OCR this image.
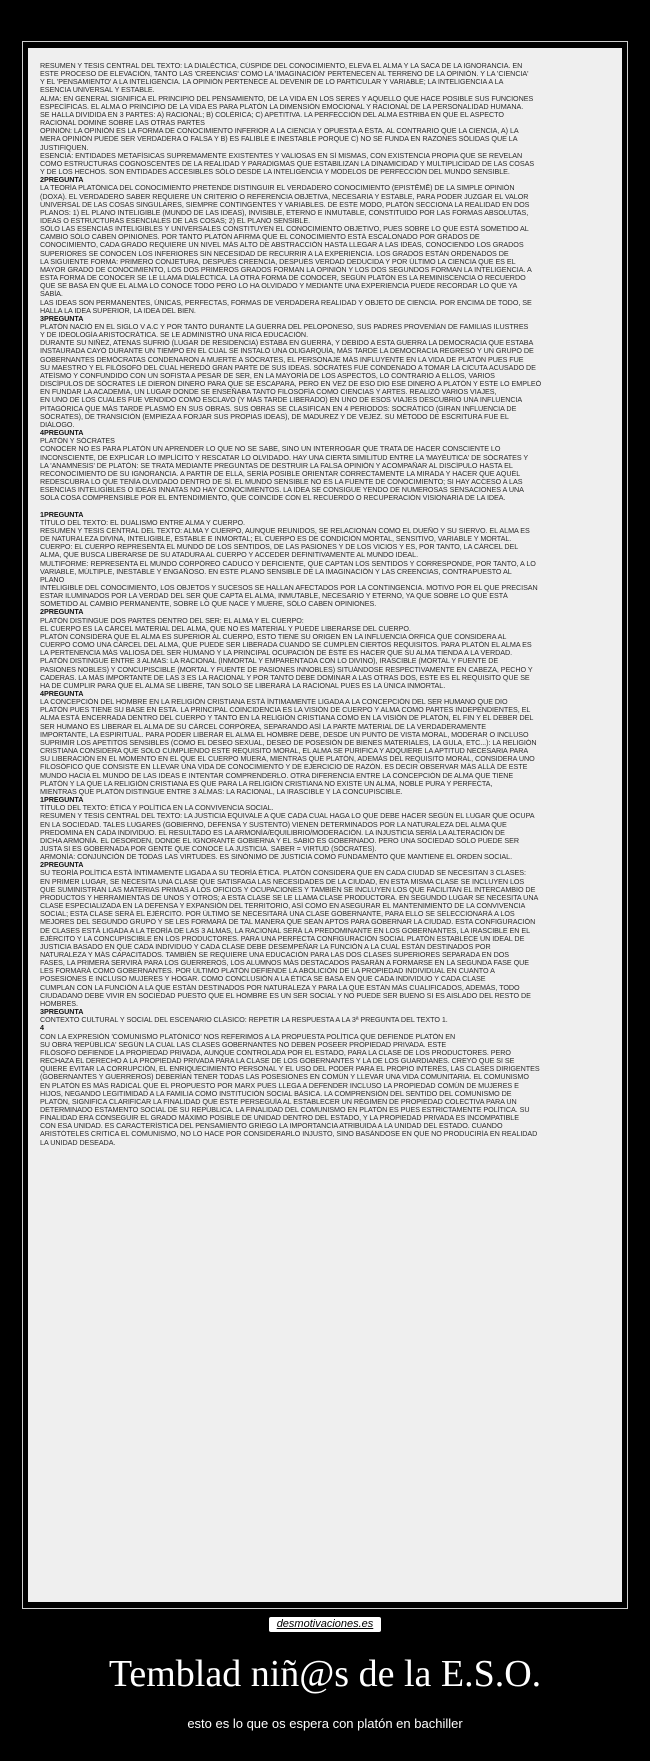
RESUMEN Y TESIS CENTRAL DEL TEXTO: LA DIALÉCTICA, CÚSPIDE DEL CONOCIMIENTO, ELEVA EL ALMA Y LA SACA DE LA IGNORANCIA. EN
ESTE PROCESO DE ELEVACIÓN, TANTO LAS 'CREENCIAS' COMO LA 'IMAGINACIÓN' PERTENECEN AL TERRENO DE LA OPINIÓN. Y LA 'CIENCIA'
Y EL 'PENSAMIENTO' A LA INTELIGENCIA. LA OPINIÓN PERTENECE AL DEVENIR DE LO PARTICULAR Y VARIABLE; LA INTELIGENCIA A LA
ESENCIA UNIVERSAL Y ESTABLE.
ALMA: EN GENERAL SIGNIFICA EL PRINCIPIO DEL PENSAMIENTO, DE LA VIDA EN LOS SERES Y AQUELLO QUE HACE POSIBLE SUS FUNCIONES
ESPECÍFICAS. EL ALMA O PRINCIPIO DE LA VIDA ES PARA PLATÓN LA DIMENSIÓN EMOCIONAL Y RACIONAL DE LA PERSONALIDAD HUMANA.
SE HALLA DIVIDIDA EN 3 PARTES: A) RACIONAL; B) COLÉRICA; C) APETITIVA. LA PERFECCIÓN DEL ALMA ESTRIBA EN QUE EL ASPECTO
RACIONAL DOMINE SOBRE LAS OTRAS PARTES
OPINIÓN: LA OPINIÓN ES LA FORMA DE CONOCIMIENTO INFERIOR A LA CIENCIA Y OPUESTA A ÉSTA. AL CONTRARIO QUE LA CIENCIA, A) LA
MERA OPINIÓN PUEDE SER VERDADERA O FALSA Y B) ES FALIBLE E INESTABLE PORQUE C) NO SE FUNDA EN RAZONES SÓLIDAS QUE LA
JUSTIFIQUEN.
ESENCIA: ENTIDADES METAFÍSICAS SUPREMAMENTE EXISTENTES Y VALIOSAS EN SÍ MISMAS, CON EXISTENCIA PROPIA QUE SE REVELAN
COMO ESTRUCTURAS COGNOSCENTES DE LA REALIDAD Y PARADIGMAS QUE ESTABILIZAN LA DINAMICIDAD Y MULTIPLICIDAD DE LAS COSAS
Y DE LOS HECHOS. SON ENTIDADES ACCESIBLES SÓLO DESDE LA INTELIGENCIA Y MODELOS DE PERFECCIÓN DEL MUNDO SENSIBLE.
2PREGUNTA
LA TEORÍA PLATÓNICA DEL CONOCIMIENTO PRETENDE DISTINGUIR EL VERDADERO CONOCIMIENTO (EPISTĒMĒ) DE LA SIMPLE OPINIÓN
(DOXA). EL VERDADERO SABER REQUIERE UN CRITERIO O REFERENCIA OBJETIVA, NECESARIA Y ESTABLE, PARA PODER JUZGAR EL VALOR
UNIVERSAL DE LAS COSAS SINGULARES, SIEMPRE CONTINGENTES Y VARIABLES. DE ESTE MODO, PLATÓN SECCIONA LA REALIDAD EN DOS
PLANOS: 1) EL PLANO INTELIGIBLE (MUNDO DE LAS IDEAS), INVISIBLE, ETERNO E INMUTABLE, CONSTITUIDO POR LAS FORMAS ABSOLUTAS,
IDEAS O ESTRUCTURAS ESENCIALES DE LAS COSAS; 2) EL PLANO SENSIBLE.
SÓLO LAS ESENCIAS INTELIGIBLES Y UNIVERSALES CONSTITUYEN EL CONOCIMIENTO OBJETIVO, PUES SOBRE LO QUE ESTÁ SOMETIDO AL
CAMBIO SÓLO CABEN OPINIONES. POR TANTO PLATÓN AFIRMA QUE EL CONOCIMIENTO ESTÁ ESCALONADO POR GRADOS DE
CONOCIMIENTO, CADA GRADO REQUIERE UN NIVEL MÁS ALTO DE ABSTRACCIÓN HASTA LLEGAR A LAS IDEAS, CONOCIENDO LOS GRADOS
SUPERIORES SE CONOCEN LOS INFERIORES SIN NECESIDAD DE RECURRIR A LA EXPERIENCIA. LOS GRADOS ESTÁN ORDENADOS DE
LA SIGUIENTE FORMA: PRIMERO CONJETURA, DESPUÉS CREENCIA, DESPUÉS VERDAD DEDUCIDA Y POR ÚLTIMO LA CIENCIA QUE ES EL
MAYOR GRADO DE CONOCIMIENTO, LOS DOS PRIMEROS GRADOS FORMAN LA OPINIÓN Y LOS DOS SEGUNDOS FORMAN LA INTELIGENCIA. A
ESTA FORMA DE CONOCER SE LE LLAMA DIALÉCTICA. LA OTRA FORMA DE CONOCER, SEGÚN PLATÓN ES LA REMINISCENCIA O RECUERDO
QUE SE BASA EN QUE EL ALMA LO CONOCE TODO PERO LO HA OLVIDADO Y MEDIANTE UNA EXPERIENCIA PUEDE RECORDAR LO QUE YA
SABÍA.
LAS IDEAS SON PERMANENTES, ÚNICAS, PERFECTAS, FORMAS DE VERDADERA REALIDAD Y OBJETO DE CIENCIA. POR ENCIMA DE TODO, SE
HALLA LA IDEA SUPERIOR, LA IDEA DEL BIEN.
3PREGUNTA
PLATÓN NACIÓ EN EL SIGLO V A.C Y POR TANTO DURANTE LA GUERRA DEL PELOPONESO, SUS PADRES PROVENÍAN DE FAMILIAS ILUSTRES
Y DE IDEOLOGÍA ARISTOCRÁTICA. SE LE ADMINISTRÓ UNA RICA EDUCACIÓN.
DURANTE SU NIÑEZ, ATENAS SUFRIÓ (LUGAR DE RESIDENCIA) ESTABA EN GUERRA, Y DEBIDO A ESTA GUERRA LA DEMOCRACIA QUE ESTABA
INSTAURADA CAYÓ DURANTE UN TIEMPO EN EL CUAL SE INSTALÓ UNA OLIGARQUÍA, MÁS TARDE LA DEMOCRACIA REGRESÓ Y UN GRUPO DE
GOBERNANTES DEMÓCRATAS CONDENARON A MUERTE A SÓCRATES, EL PERSONAJE MÁS INFLUYENTE EN LA VIDA DE PLATÓN PUES FUE
SU MAESTRO Y EL FILÓSOFO DEL CUAL HEREDÓ GRAN PARTE DE SUS IDEAS. SÓCRATES FUE CONDENADO A TOMAR LA CICUTA ACUSADO DE
ATEÍSMO Y CONFUNDIDO CON UN SOFISTA A PESAR DE SER, EN LA MAYORÍA DE LOS ASPECTOS, LO CONTRARIO A ELLOS, VARIOS
DISCÍPULOS DE SÓCRATES LE DIERON DINERO PARA QUE SE ESCAPARA, PERO EN VEZ DE ESO DIO ESE DINERO A PLATÓN Y ESTE LO EMPLEÓ
EN FUNDAR LA ACADEMIA, UN LUGAR DONDE SE ENSEÑABA TANTO FILOSOFÍA COMO CIENCIAS Y ARTES. REALIZÓ VARIOS VIAJES,
EN UNO DE LOS CUALES FUE VENDIDO COMO ESCLAVO (Y MÁS TARDE LIBERADO) EN UNO DE ESOS VIAJES DESCUBRIÓ UNA INFLUENCIA
PITAGÓRICA QUE MÁS TARDE PLASMÓ EN SUS OBRAS. SUS OBRAS SE CLASIFICAN EN 4 PERIODOS: SOCRÁTICO (GIRAN INFLUENCIA DE
SÓCRATES), DE TRANSICIÓN (EMPIEZA A FORJAR SUS PROPIAS IDEAS), DE MADUREZ Y DE VEJEZ. SU MÉTODO DE ESCRITURA FUE EL
DIÁLOGO.
4PREGUNTA
PLATÓN Y SÓCRATES
CONOCER NO ES PARA PLATÓN UN APRENDER LO QUE NO SE SABE, SINO UN INTERROGAR QUE TRATA DE HACER CONSCIENTE LO
INCONSCIENTE, DE EXPLICAR LO IMPLÍCITO Y RESCATAR LO OLVIDADO. HAY UNA CIERTA SIMILITUD ENTRE LA 'MAYÉUTICA' DE SÓCRATES Y
LA 'ANAMNESIS' DE PLATÓN: SE TRATA MEDIANTE PREGUNTAS DE DESTRUIR LA FALSA OPINIÓN Y ACOMPAÑAR AL DISCÍPULO HASTA EL
RECONOCIMIENTO DE SU IGNORANCIA. A PARTIR DE ELLA, SERÍA POSIBLE ORIENTAR CORRECTAMENTE LA MIRADA Y HACER QUE AQUÉL
REDESCUBRA LO QUE TENÍA OLVIDADO DENTRO DE SÍ. EL MUNDO SENSIBLE NO ES LA FUENTE DE CONOCIMIENTO; SI HAY ACCESO A LAS
ESENCIAS INTELIGIBLES O IDEAS INNATAS NO HAY CONOCIMIENTOS. LA IDEA SE CONSIGUE YENDO DE NUMEROSAS SENSACIONES A UNA
SOLA COSA COMPRENSIBLE POR EL ENTENDIMIENTO, QUE COINCIDE CON EL RECUERDO O RECUPERACIÓN VISIONARIA DE LA IDEA.
1PREGUNTA
TÍTULO DEL TEXTO: EL DUALISMO ENTRE ALMA Y CUERPO.
RESUMEN Y TESIS CENTRAL DEL TEXTO: ALMA Y CUERPO, AUNQUE REUNIDOS, SE RELACIONAN COMO EL DUEÑO Y SU SIERVO. EL ALMA ES
DE NATURALEZA DIVINA, INTELIGIBLE, ESTABLE E INMORTAL; EL CUERPO ES DE CONDICIÓN MORTAL, SENSITIVO, VARIABLE Y MORTAL.
CUERPO: EL CUERPO REPRESENTA EL MUNDO DE LOS SENTIDOS, DE LAS PASIONES Y DE LOS VICIOS Y ES, POR TANTO, LA CÁRCEL DEL
ALMA, QUE BUSCA LIBERARSE DE SU ATADURA AL CUERPO Y ACCEDER DEFINITIVAMENTE AL MUNDO IDEAL.
MULTIFORME: REPRESENTA EL MUNDO CORPÓREO CADUCO Y DEFICIENTE, QUE CAPTAN LOS SENTIDOS Y CORRESPONDE, POR TANTO, A LO
VARIABLE, MÚLTIPLE, INESTABLE Y ENGAÑOSO. EN ESTE PLANO SENSIBLE DE LA IMAGINACIÓN Y LAS CREENCIAS, CONTRAPUESTO AL
PLANO
INTELIGIBLE DEL CONOCIMIENTO, LOS OBJETOS Y SUCESOS SE HALLAN AFECTADOS POR LA CONTINGENCIA. MOTIVO POR EL QUE PRECISAN
ESTAR ILUMINADOS POR LA VERDAD DEL SER QUE CAPTA EL ALMA, INMUTABLE, NECESARIO Y ETERNO, YA QUE SOBRE LO QUE ESTÁ
SOMETIDO AL CAMBIO PERMANENTE, SOBRE LO QUE NACE Y MUERE, SÓLO CABEN OPINIONES.
2PREGUNTA
PLATÓN DISTINGUE DOS PARTES DENTRO DEL SER: EL ALMA Y EL CUERPO:
EL CUERPO ES LA CÁRCEL MATERIAL DEL ALMA, QUE NO ES MATERIAL Y PUEDE LIBERARSE DEL CUERPO.
PLATÓN CONSIDERA QUE EL ALMA ES SUPERIOR AL CUERPO, ESTO TIENE SU ORIGEN EN LA INFLUENCIA ÓRFICA QUE CONSIDERA AL
CUERPO COMO UNA CÁRCEL DEL ALMA, QUE PUEDE SER LIBERADA CUANDO SE CUMPLEN CIERTOS REQUISITOS. PARA PLATÓN EL ALMA ES
LA PERTENENCIA MÁS VALIOSA DEL SER HUMANO Y LA PRINCIPAL OCUPACIÓN DE ÉSTE ES HACER QUE SU ALMA TIENDA A LA VERDAD.
PLATÓN DISTINGUE ENTRE 3 ALMAS: LA RACIONAL (INMORTAL Y EMPARENTADA CON LO DIVINO), IRASCIBLE (MORTAL Y FUENTE DE
PASIONES NOBLES) Y CONCUPISCIBLE (MORTAL Y FUENTE DE PASIONES INNOBLES) SITUÁNDOSE RESPECTIVAMENTE EN CABEZA, PECHO Y
CADERAS. LA MÁS IMPORTANTE DE LAS 3 ES LA RACIONAL Y POR TANTO DEBE DOMINAR A LAS OTRAS DOS, ESTE ES EL REQUISITO QUE SE
HA DE CUMPLIR PARA QUE EL ALMA SE LIBERE, TAN SOLO SE LIBERARÁ LA RACIONAL PUES ES LA ÚNICA INMORTAL.
4PREGUNTA
LA CONCEPCIÓN DEL HOMBRE EN LA RELIGIÓN CRISTIANA ESTÁ ÍNTIMAMENTE LIGADA A LA CONCEPCIÓN DEL SER HUMANO QUE DIO
PLATÓN PUES TIENE SU BASE EN ESTA. LA PRINCIPAL COINCIDENCIA ES LA VISIÓN DE CUERPO Y ALMA COMO PARTES INDEPENDIENTES, EL
ALMA ESTÁ ENCERRADA DENTRO DEL CUERPO Y TANTO EN LA RELIGIÓN CRISTIANA COMO EN LA VISIÓN DE PLATÓN, EL FIN Y EL DEBER DEL
SER HUMANO ES LIBERAR EL ALMA DE SU CÁRCEL CORPÓREA, SEPARANDO ASÍ LA PARTE MATERIAL DE LA VERDADERAMENTE
IMPORTANTE, LA ESPIRITUAL. PARA PODER LIBERAR EL ALMA EL HOMBRE DEBE, DESDE UN PUNTO DE VISTA MORAL, MODERAR O INCLUSO
SUPRIMIR LOS APETITOS SENSIBLES (COMO EL DESEO SEXUAL, DESEO DE POSESIÓN DE BIENES MATERIALES, LA GULA, ETC...): LA RELIGIÓN
CRISTIANA CONSIDERA QUE SOLO CUMPLIENDO ESTE REQUISITO MORAL, EL ALMA SE PURIFICA Y ADQUIERE LA APTITUD NECESARIA PARA
SU LIBERACIÓN EN EL MOMENTO EN EL QUE EL CUERPO MUERA, MIENTRAS QUE PLATÓN, ADEMÁS DEL REQUISITO MORAL, CONSIDERA UNO
FILOSÓFICO QUE CONSISTE EN LLEVAR UNA VIDA DE CONOCIMIENTO Y DE EJERCICIO DE RAZÓN. ES DECIR OBSERVAR MÁS ALLÁ DE ESTE
MUNDO HACIA EL MUNDO DE LAS IDEAS E INTENTAR COMPRENDERLO. OTRA DIFERENCIA ENTRE LA CONCEPCIÓN DE ALMA QUE TIENE
PLATÓN Y LA QUE LA RELIGIÓN CRISTIANA ES QUE PARA LA RELIGIÓN CRISTIANA NO EXISTE UN ALMA, NOBLE PURA Y PERFECTA,
MIENTRAS QUE PLATÓN DISTINGUE ENTRE 3 ALMAS: LA RACIONAL, LA IRASCIBLE Y LA CONCUPISCIBLE.
1PREGUNTA
TÍTULO DEL TEXTO: ÉTICA Y POLÍTICA EN LA CONVIVENCIA SOCIAL.
RESUMEN Y TESIS CENTRAL DEL TEXTO: LA JUSTICIA EQUIVALE A QUE CADA CUAL HAGA LO QUE DEBE HACER SEGÚN EL LUGAR QUE OCUPA
EN LA SOCIEDAD. TALES LUGARES (GOBIERNO, DEFENSA Y SUSTENTO) VIENEN DETERMINADOS POR LA NATURALEZA DEL ALMA QUE
PREDOMINA EN CADA INDIVIDUO. EL RESULTADO ES LA ARMONÍA/EQUILIBRIO/MODERACIÓN. LA INJUSTICIA SERÍA LA ALTERACIÓN DE
DICHA ARMONÍA. EL DESORDEN, DONDE EL IGNORANTE GOBIERNA Y EL SABIO ES GOBERNADO. PERO UNA SOCIEDAD SÓLO PUEDE SER
JUSTA SI ES GOBERNADA POR GENTE QUE CONOCE LA JUSTICIA. SABER = VIRTUD (SÓCRATES).
ARMONÍA: CONJUNCIÓN DE TODAS LAS VIRTUDES. ES SINÓNIMO DE JUSTICIA COMO FUNDAMENTO QUE MANTIENE EL ORDEN SOCIAL.
2PREGUNTA
SU TEORÍA POLÍTICA ESTÁ ÍNTIMAMENTE LIGADA A SU TEORÍA ÉTICA. PLATÓN CONSIDERA QUE EN CADA CIUDAD SE NECESITAN 3 CLASES:
EN PRIMER LUGAR, SE NECESITA UNA CLASE QUE SATISFAGA LAS NECESIDADES DE LA CIUDAD, EN ESTA MISMA CLASE SE INCLUYEN LOS
QUE SUMINISTRAN LAS MATERIAS PRIMAS A LOS OFICIOS Y OCUPACIONES Y TAMBIÉN SE INCLUYEN LOS QUE FACILITAN EL INTERCAMBIO DE
PRODUCTOS Y HERRAMIENTAS DE UNOS Y OTROS; A ESTA CLASE SE LE LLAMA CLASE PRODUCTORA. EN SEGUNDO LUGAR SE NECESITA UNA
CLASE ESPECIALIZADA EN LA DEFENSA Y EXPANSIÓN DEL TERRITORIO, ASÍ COMO EN ASEGURAR EL MANTENIMIENTO DE LA CONVIVENCIA
SOCIAL; ESTA CLASE SERÁ EL EJÉRCITO. POR ÚLTIMO SE NECESITARÁ UNA CLASE GOBERNANTE, PARA ELLO SE SELECCIONARÁ A LOS
MEJORES DEL SEGUNDO GRUPO Y SE LES FORMARÁ DE TAL MANERA QUE SEAN APTOS PARA GOBERNAR LA CIUDAD. ESTA CONFIGURACIÓN
DE CLASES ESTÁ LIGADA A LA TEORÍA DE LAS 3 ALMAS, LA RACIONAL SERÁ LA PREDOMINANTE EN LOS GOBERNANTES, LA IRASCIBLE EN EL
EJÉRCITO Y LA CONCUPISCIBLE EN LOS PRODUCTORES. PARA UNA PERFECTA CONFIGURACIÓN SOCIAL PLATÓN ESTABLECE UN IDEAL DE
JUSTICIA BASADO EN QUE CADA INDIVIDUO Y CADA CLASE DEBE DESEMPEÑAR LA FUNCIÓN A LA CUAL ESTÁN DESTINADOS POR
NATURALEZA Y MÁS CAPACITADOS. TAMBIÉN SE REQUIERE UNA EDUCACIÓN PARA LAS DOS CLASES SUPERIORES SEPARADA EN DOS
FASES, LA PRIMERA SERVIRÁ PARA LOS GUERREROS, LOS ALUMNOS MÁS DESTACADOS PASARÁN A FORMARSE EN LA SEGUNDA FASE QUE
LES FORMARÁ COMO GOBERNANTES. POR ÚLTIMO PLATÓN DEFIENDE LA ABOLICIÓN DE LA PROPIEDAD INDIVIDUAL EN CUANTO A
POSESIONES E INCLUSO MUJERES Y HOGAR. COMO CONCLUSIÓN A LA ÉTICA SE BASA EN QUE CADA INDIVIDUO Y CADA CLASE
CUMPLAN CON LA FUNCIÓN A LA QUE ESTÁN DESTINADOS POR NATURALEZA Y PARA LA QUE ESTÁN MÁS CUALIFICADOS, ADEMÁS, TODO
CIUDADANO DEBE VIVIR EN SOCIEDAD PUESTO QUE EL HOMBRE ES UN SER SOCIAL Y NO PUEDE SER BUENO SI ES AISLADO DEL RESTO DE
HOMBRES.
3PREGUNTA
CONTEXTO CULTURAL Y SOCIAL DEL ESCENARIO CLÁSICO: REPETIR LA RESPUESTA A LA 3ª PREGUNTA DEL TEXTO 1.
4
CON LA EXPRESIÓN 'COMUNISMO PLATÓNICO' NOS REFERIMOS A LA PROPUESTA POLÍTICA QUE DEFIENDE PLATÓN EN
SU OBRA 'REPÚBLICA' SEGÚN LA CUAL LAS CLASES GOBERNANTES NO DEBEN POSEER PROPIEDAD PRIVADA. ESTE
FILÓSOFO DEFIENDE LA PROPIEDAD PRIVADA, AUNQUE CONTROLADA POR EL ESTADO, PARA LA CLASE DE LOS PRODUCTORES. PERO
RECHAZA EL DERECHO A LA PROPIEDAD PRIVADA PARA LA CLASE DE LOS GOBERNANTES Y LA DE LOS GUARDIANES. CREYÓ QUE SI SE
QUIERE EVITAR LA CORRUPCIÓN, EL ENRIQUECIMIENTO PERSONAL Y EL USO DEL PODER PARA EL PROPIO INTERÉS, LAS CLASES DIRIGENTES
(GOBERNANTES Y GUERREROS) DEBERÍAN TENER TODAS LAS POSESIONES EN COMÚN Y LLEVAR UNA VIDA COMUNITARIA. EL COMUNISMO
EN PLATÓN ES MÁS RADICAL QUE EL PROPUESTO POR MARX PUES LLEGA A DEFENDER INCLUSO LA PROPIEDAD COMÚN DE MUJERES E
HIJOS, NEGANDO LEGITIMIDAD A LA FAMILIA COMO INSTITUCIÓN SOCIAL BÁSICA. LA COMPRENSIÓN DEL SENTIDO DEL COMUNISMO DE
PLATÓN, SIGNIFICA CLARIFICAR LA FINALIDAD QUE ÉSTE PERSEGUÍA AL ESTABLECER UN RÉGIMEN DE PROPIEDAD COLECTIVA PARA UN
DETERMINADO ESTAMENTO SOCIAL DE SU REPÚBLICA. LA FINALIDAD DEL COMUNISMO EN PLATÓN ES PUES ESTRICTAMENTE POLÍTICA. SU
FINALIDAD ERA CONSEGUIR EL GRADO MÁXIMO POSIBLE DE UNIDAD DENTRO DEL ESTADO, Y LA PROPIEDAD PRIVADA ES INCOMPATIBLE
CON ESA UNIDAD. ES CARACTERÍSTICA DEL PENSAMIENTO GRIEGO LA IMPORTANCIA ATRIBUIDA A LA UNIDAD DEL ESTADO. CUANDO
ARISTÓTELES CRITICA EL COMUNISMO, NO LO HACE POR CONSIDERARLO INJUSTO, SINO BASÁNDOSE EN QUE NO PRODUCIRÍA EN REALIDAD
LA UNIDAD DESEADA.
desmotivaciones.es
Temblad niñ@s de la E.S.O.
esto es lo que os espera con platón en bachiller
